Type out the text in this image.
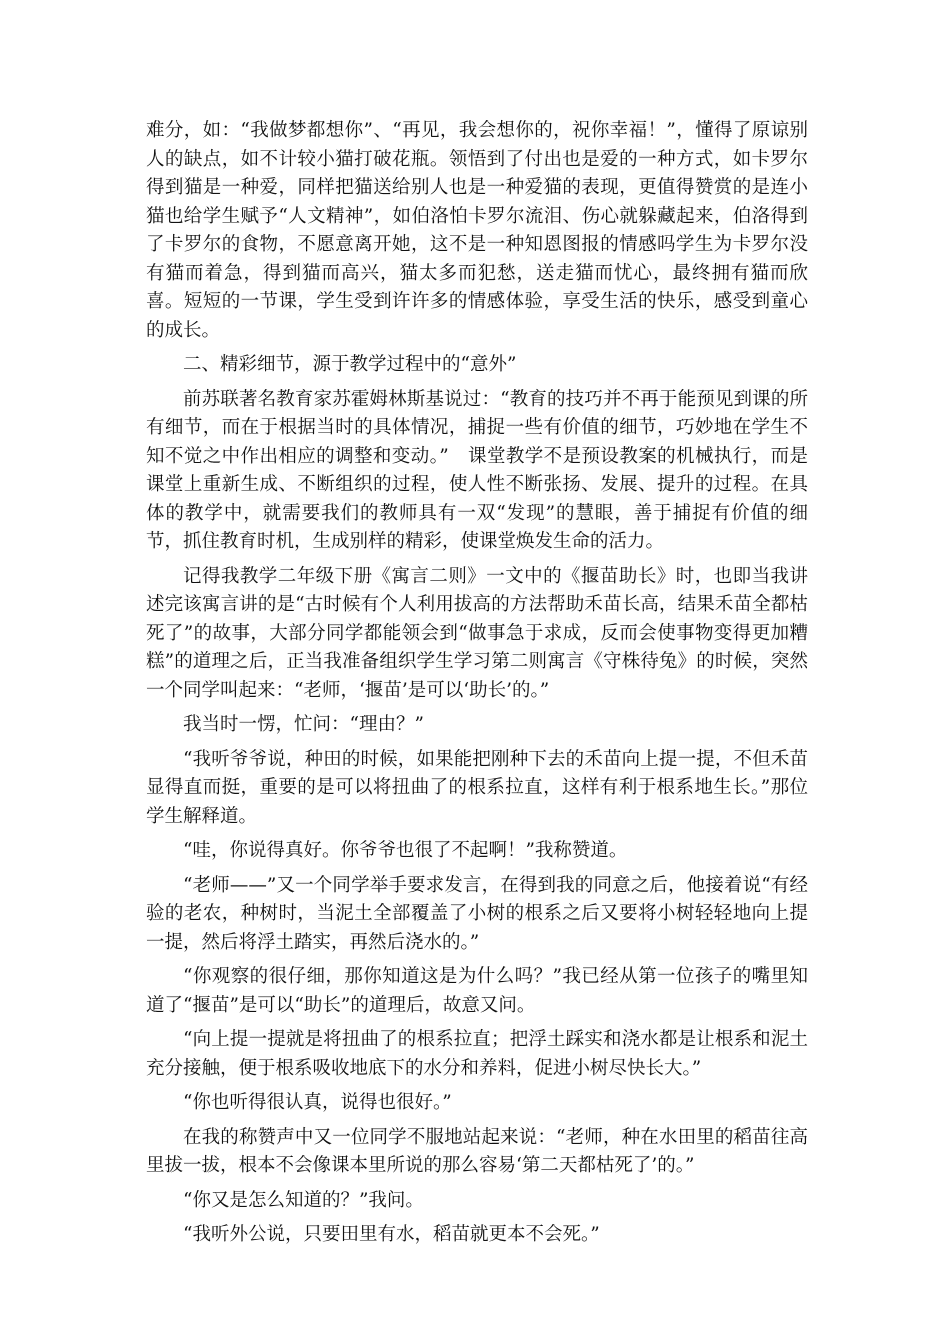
难分，如：“我做梦都想你”、“再见，我会想你的，祝你幸福！”，懂得了原谅别人的缺点，如不计较小猫打破花瓶。领悟到了付出也是爱的一种方式，如卡罗尔得到猫是一种爱，同样把猫送给别人也是一种爱猫的表现，更值得赞赏的是连小猫也给学生赋予“人文精神”，如伯洛怕卡罗尔流泪、伤心就躲藏起来，伯洛得到了卡罗尔的食物，不愿意离开她，这不是一种知恩图报的情感吗学生为卡罗尔没有猫而着急，得到猫而高兴，猫太多而犯愁，送走猫而忧心，最终拥有猫而欣喜。短短的一节课，学生受到许许多的情感体验，享受生活的快乐，感受到童心的成长。

二、精彩细节，源于教学过程中的“意外”

前苏联著名教育家苏霍姆林斯基说过：“教育的技巧并不再于能预见到课的所有细节，而在于根据当时的具体情况，捕捉一些有价值的细节，巧妙地在学生不知不觉之中作出相应的调整和变动。”　课堂教学不是预设教案的机械执行，而是课堂上重新生成、不断组织的过程，使人性不断张扬、发展、提升的过程。在具体的教学中，就需要我们的教师具有一双“发现”的慧眼，善于捕捉有价值的细节，抓住教育时机，生成别样的精彩，使课堂焕发生命的活力。

记得我教学二年级下册《寓言二则》一文中的《揠苗助长》时，也即当我讲述完该寓言讲的是“古时候有个人利用拔高的方法帮助禾苗长高，结果禾苗全都枯死了”的故事，大部分同学都能领会到“做事急于求成，反而会使事物变得更加糟糕”的道理之后，正当我准备组织学生学习第二则寓言《守株待兔》的时候，突然一个同学叫起来：“老师，‘揠苗’是可以‘助长’的。”

我当时一愣，忙问：“理由？”

“我听爷爷说，种田的时候，如果能把刚种下去的禾苗向上提一提，不但禾苗显得直而挺，重要的是可以将扭曲了的根系拉直，这样有利于根系地生长。”那位学生解释道。

“哇，你说得真好。你爷爷也很了不起啊！”我称赞道。

“老师——”又一个同学举手要求发言，在得到我的同意之后，他接着说“有经验的老农，种树时，当泥土全部覆盖了小树的根系之后又要将小树轻轻地向上提一提，然后将浮土踏实，再然后浇水的。”

“你观察的很仔细，那你知道这是为什么吗？”我已经从第一位孩子的嘴里知道了“揠苗”是可以“助长”的道理后，故意又问。

“向上提一提就是将扭曲了的根系拉直；把浮土踩实和浇水都是让根系和泥土充分接触，便于根系吸收地底下的水分和养料，促进小树尽快长大。”

“你也听得很认真，说得也很好。”

在我的称赞声中又一位同学不服地站起来说：“老师，种在水田里的稻苗往高里拔一拔，根本不会像课本里所说的那么容易‘第二天都枯死了’的。”

“你又是怎么知道的？”我问。

“我听外公说，只要田里有水，稻苗就更本不会死。”
